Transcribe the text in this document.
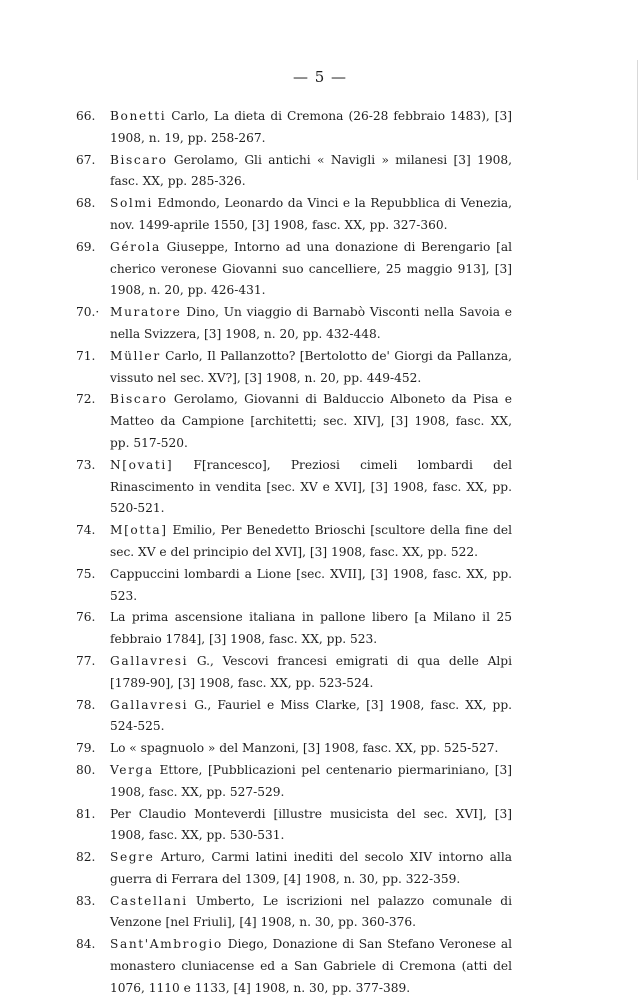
— 5 —
66.	Bonetti Carlo, La dieta di Cremona (26-28 febbraio 1483), [3] 1908, n. 19, pp. 258-267.
67.	Biscaro Gerolamo, Gli antichi « Navigli » milanesi [3] 1908, fasc. XX, pp. 285-326.
68.	Solmi Edmondo, Leonardo da Vinci e la Repubblica di Venezia, nov. 1499-aprile 1550, [3] 1908, fasc. XX, pp. 327-360.
69.	Gérola Giuseppe, Intorno ad una donazione di Berengario [al cherico veronese Giovanni suo cancelliere, 25 maggio 913], [3] 1908, n. 20, pp. 426-431.
70.· Muratore Dino, Un viaggio di Barnabò Visconti nella Savoia e nella Svizzera, [3] 1908, n. 20, pp. 432-448.
71.	Müller Carlo, Il Pallanzotto? [Bertolotto de' Giorgi da Pallanza, vissuto nel sec. XV?], [3] 1908, n. 20, pp. 449-452.
72.	Biscaro Gerolamo, Giovanni di Balduccio Alboneto da Pisa e Matteo da Campione [architetti; sec. XIV], [3] 1908, fasc. XX, pp. 517-520.
73.	N[ovati] F[rancesco], Preziosi cimeli lombardi del Rinascimento in vendita [sec. XV e XVI], [3] 1908, fasc. XX, pp. 520-521.
74.	M[otta] Emilio, Per Benedetto Brioschi [scultore della fine del sec. XV e del principio del XVI], [3] 1908, fasc. XX, pp. 522.
75.	Cappuccini lombardi a Lione [sec. XVII], [3] 1908, fasc. XX, pp. 523.
76.	La prima ascensione italiana in pallone libero [a Milano il 25 febbraio 1784], [3] 1908, fasc. XX, pp. 523.
77.	Gallavresi G., Vescovi francesi emigrati di qua delle Alpi [1789-90], [3] 1908, fasc. XX, pp. 523-524.
78.	Gallavresi G., Fauriel e Miss Clarke, [3] 1908, fasc. XX, pp. 524-525.
79.	Lo « spagnuolo » del Manzoni, [3] 1908, fasc. XX, pp. 525-527.
80.	Verga Ettore, [Pubblicazioni pel centenario piermariniano, [3] 1908, fasc. XX, pp. 527-529.
81.	Per Claudio Monteverdi [illustre musicista del sec. XVI], [3] 1908, fasc. XX, pp. 530-531.
82.	Segre Arturo, Carmi latini inediti del secolo XIV intorno alla guerra di Ferrara del 1309, [4] 1908, n. 30, pp. 322-359.
83.	Castellani Umberto, Le iscrizioni nel palazzo comunale di Venzone [nel Friuli], [4] 1908, n. 30, pp. 360-376.
84.	Sant'Ambrogio Diego, Donazione di San Stefano Veronese al monastero cluniacense ed a San Gabriele di Cremona (atti del 1076, 1110 e 1133, [4] 1908, n. 30, pp. 377-389.
